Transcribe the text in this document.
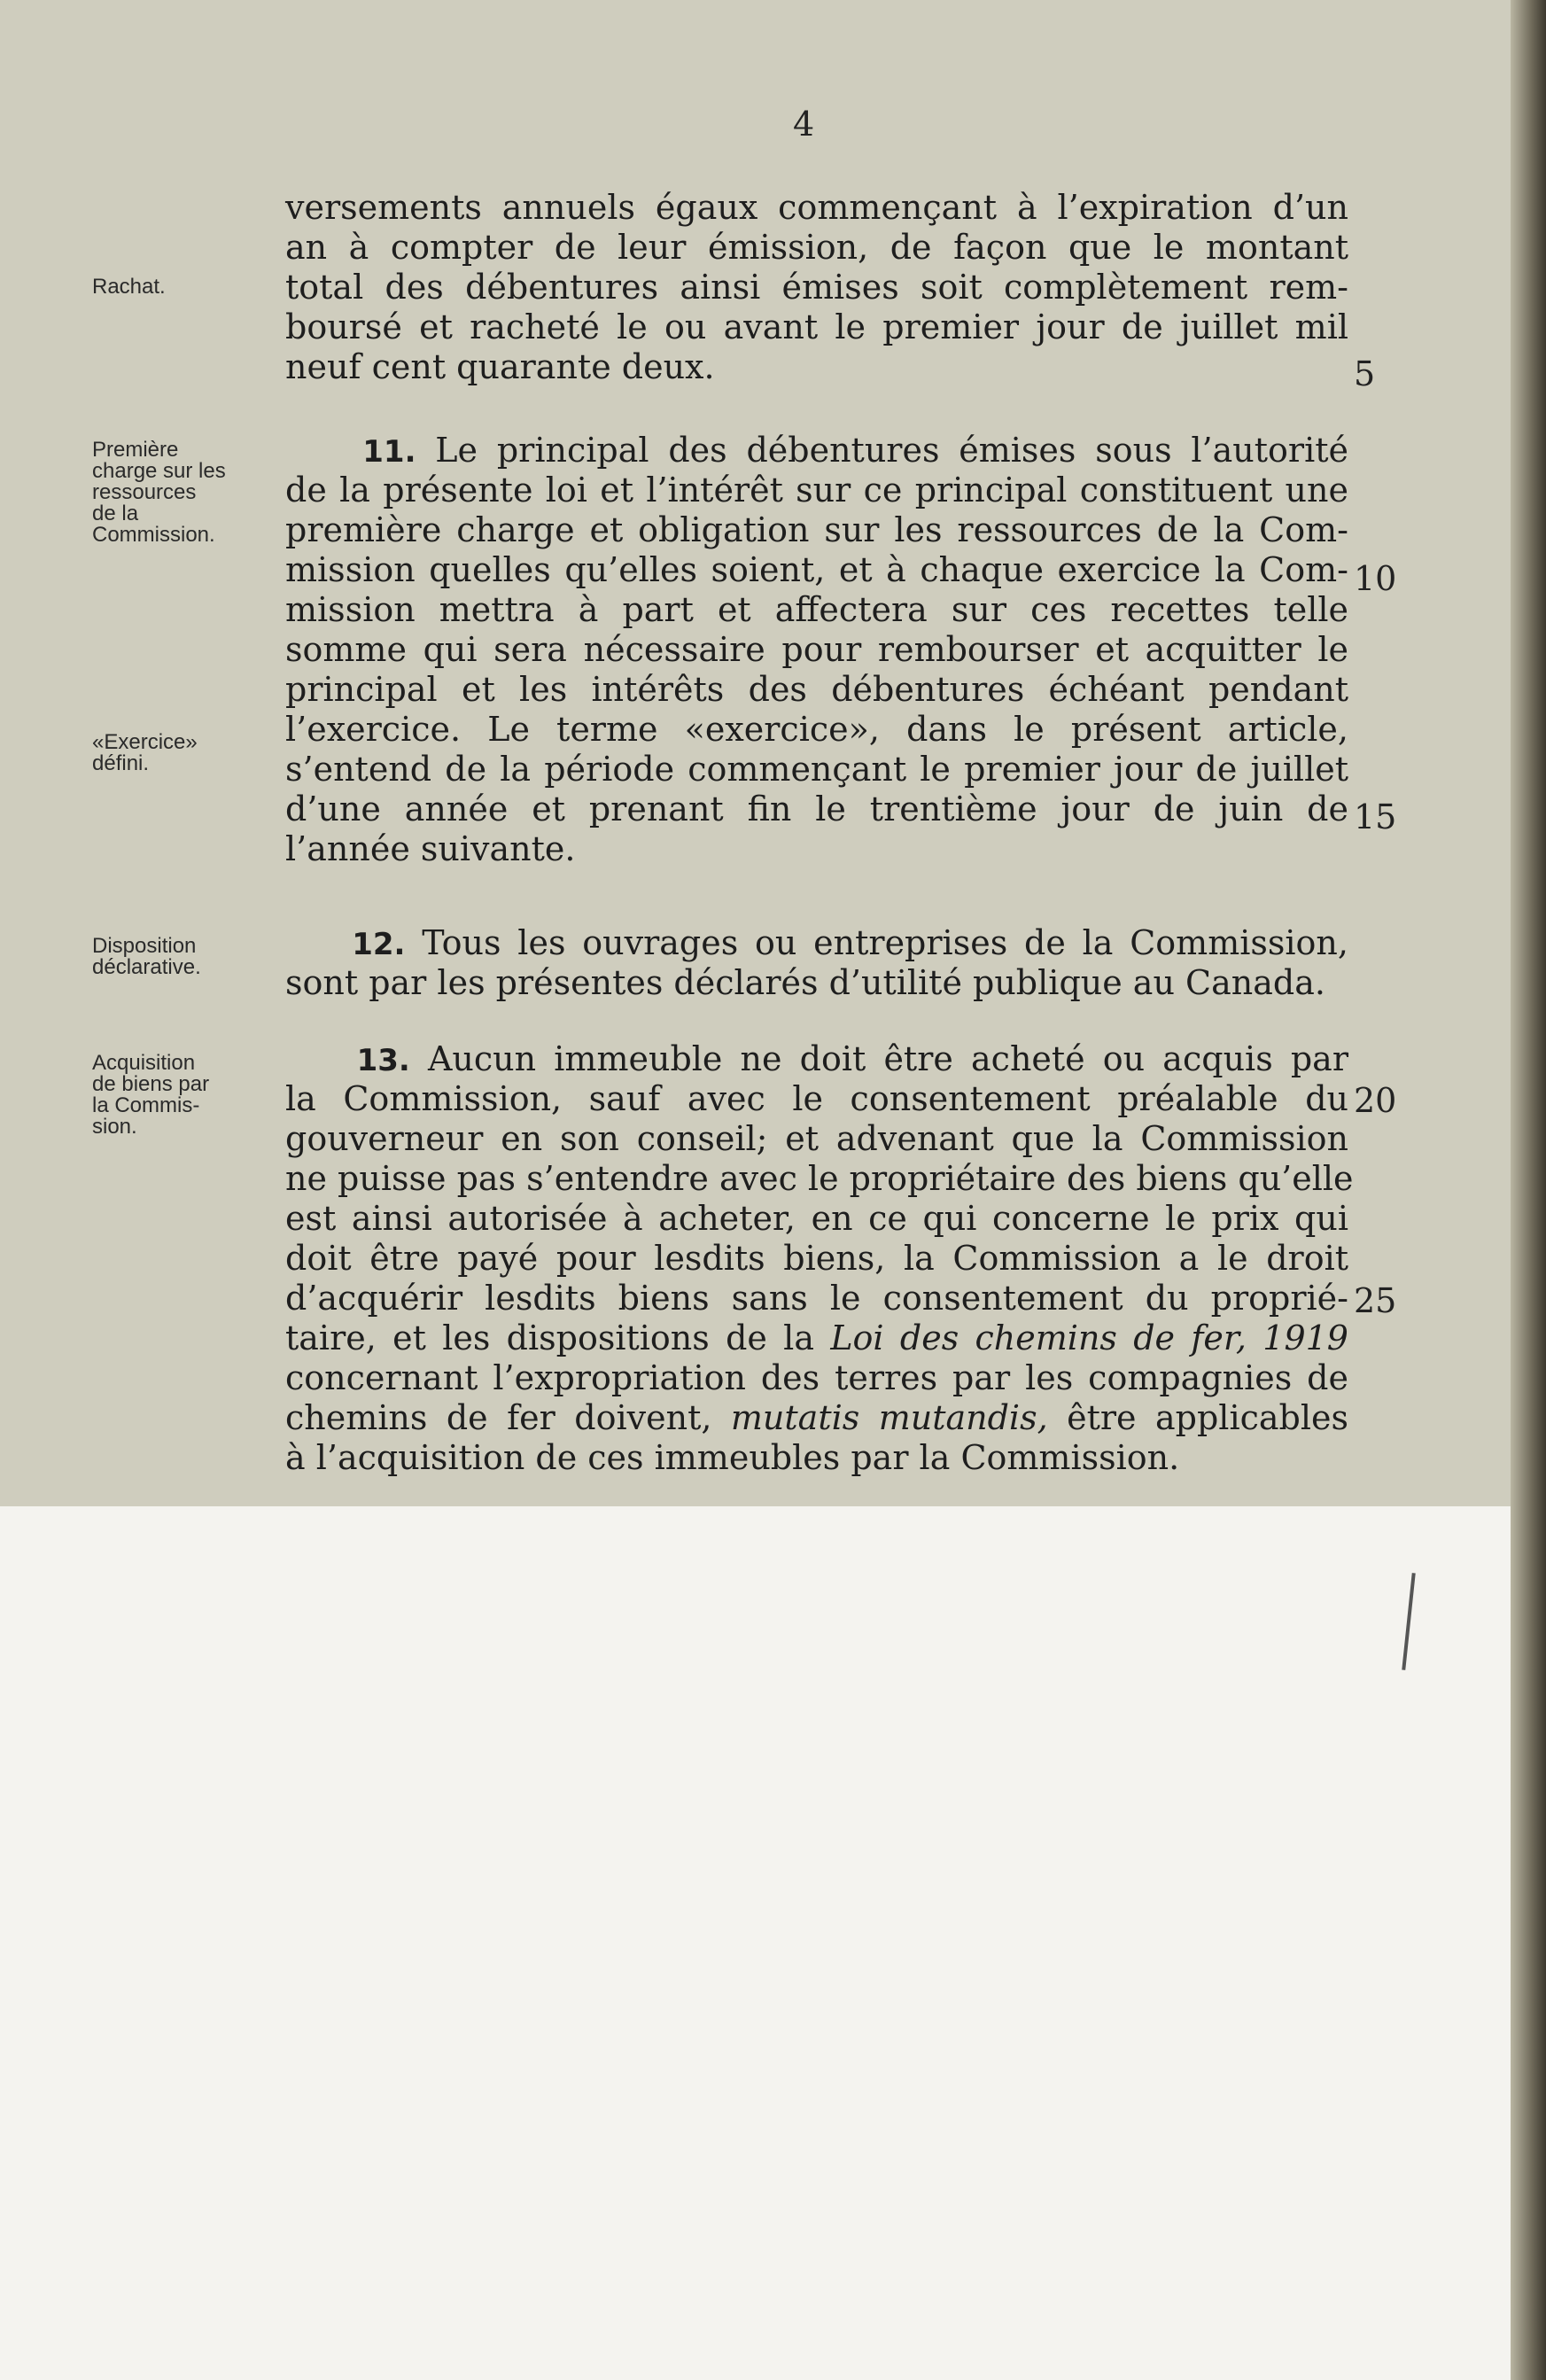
4
versements annuels égaux commençant à l’expiration d’un
an à compter de leur émission, de façon que le montant
total des débentures ainsi émises soit complètement rem-
boursé et racheté le ou avant le premier jour de juillet mil
neuf cent quarante deux.
11. Le principal des débentures émises sous l’autorité
de la présente loi et l’intérêt sur ce principal constituent une
première charge et obligation sur les ressources de la Com-
mission quelles qu’elles soient, et à chaque exercice la Com-
mission mettra à part et affectera sur ces recettes telle
somme qui sera nécessaire pour rembourser et acquitter le
principal et les intérêts des débentures échéant pendant
l’exercice. Le terme «exercice», dans le présent article,
s’entend de la période commençant le premier jour de juillet
d’une année et prenant fin le trentième jour de juin de
l’année suivante.
12. Tous les ouvrages ou entreprises de la Commission,
sont par les présentes déclarés d’utilité publique au Canada.
13. Aucun immeuble ne doit être acheté ou acquis par
la Commission, sauf avec le consentement préalable du
gouverneur en son conseil; et advenant que la Commission
ne puisse pas s’entendre avec le propriétaire des biens qu’elle
est ainsi autorisée à acheter, en ce qui concerne le prix qui
doit être payé pour lesdits biens, la Commission a le droit
d’acquérir lesdits biens sans le consentement du proprié-
taire, et les dispositions de la Loi des chemins de fer, 1919
concernant l’expropriation des terres par les compagnies de
chemins de fer doivent, mutatis mutandis, être applicables
à l’acquisition de ces immeubles par la Commission.
Rachat.
Première
charge sur les
ressources
de la
Commission.
«Exercice»
défini.
Disposition
déclarative.
Acquisition
de biens par
la Commis-
sion.
5
10
15
20
25
